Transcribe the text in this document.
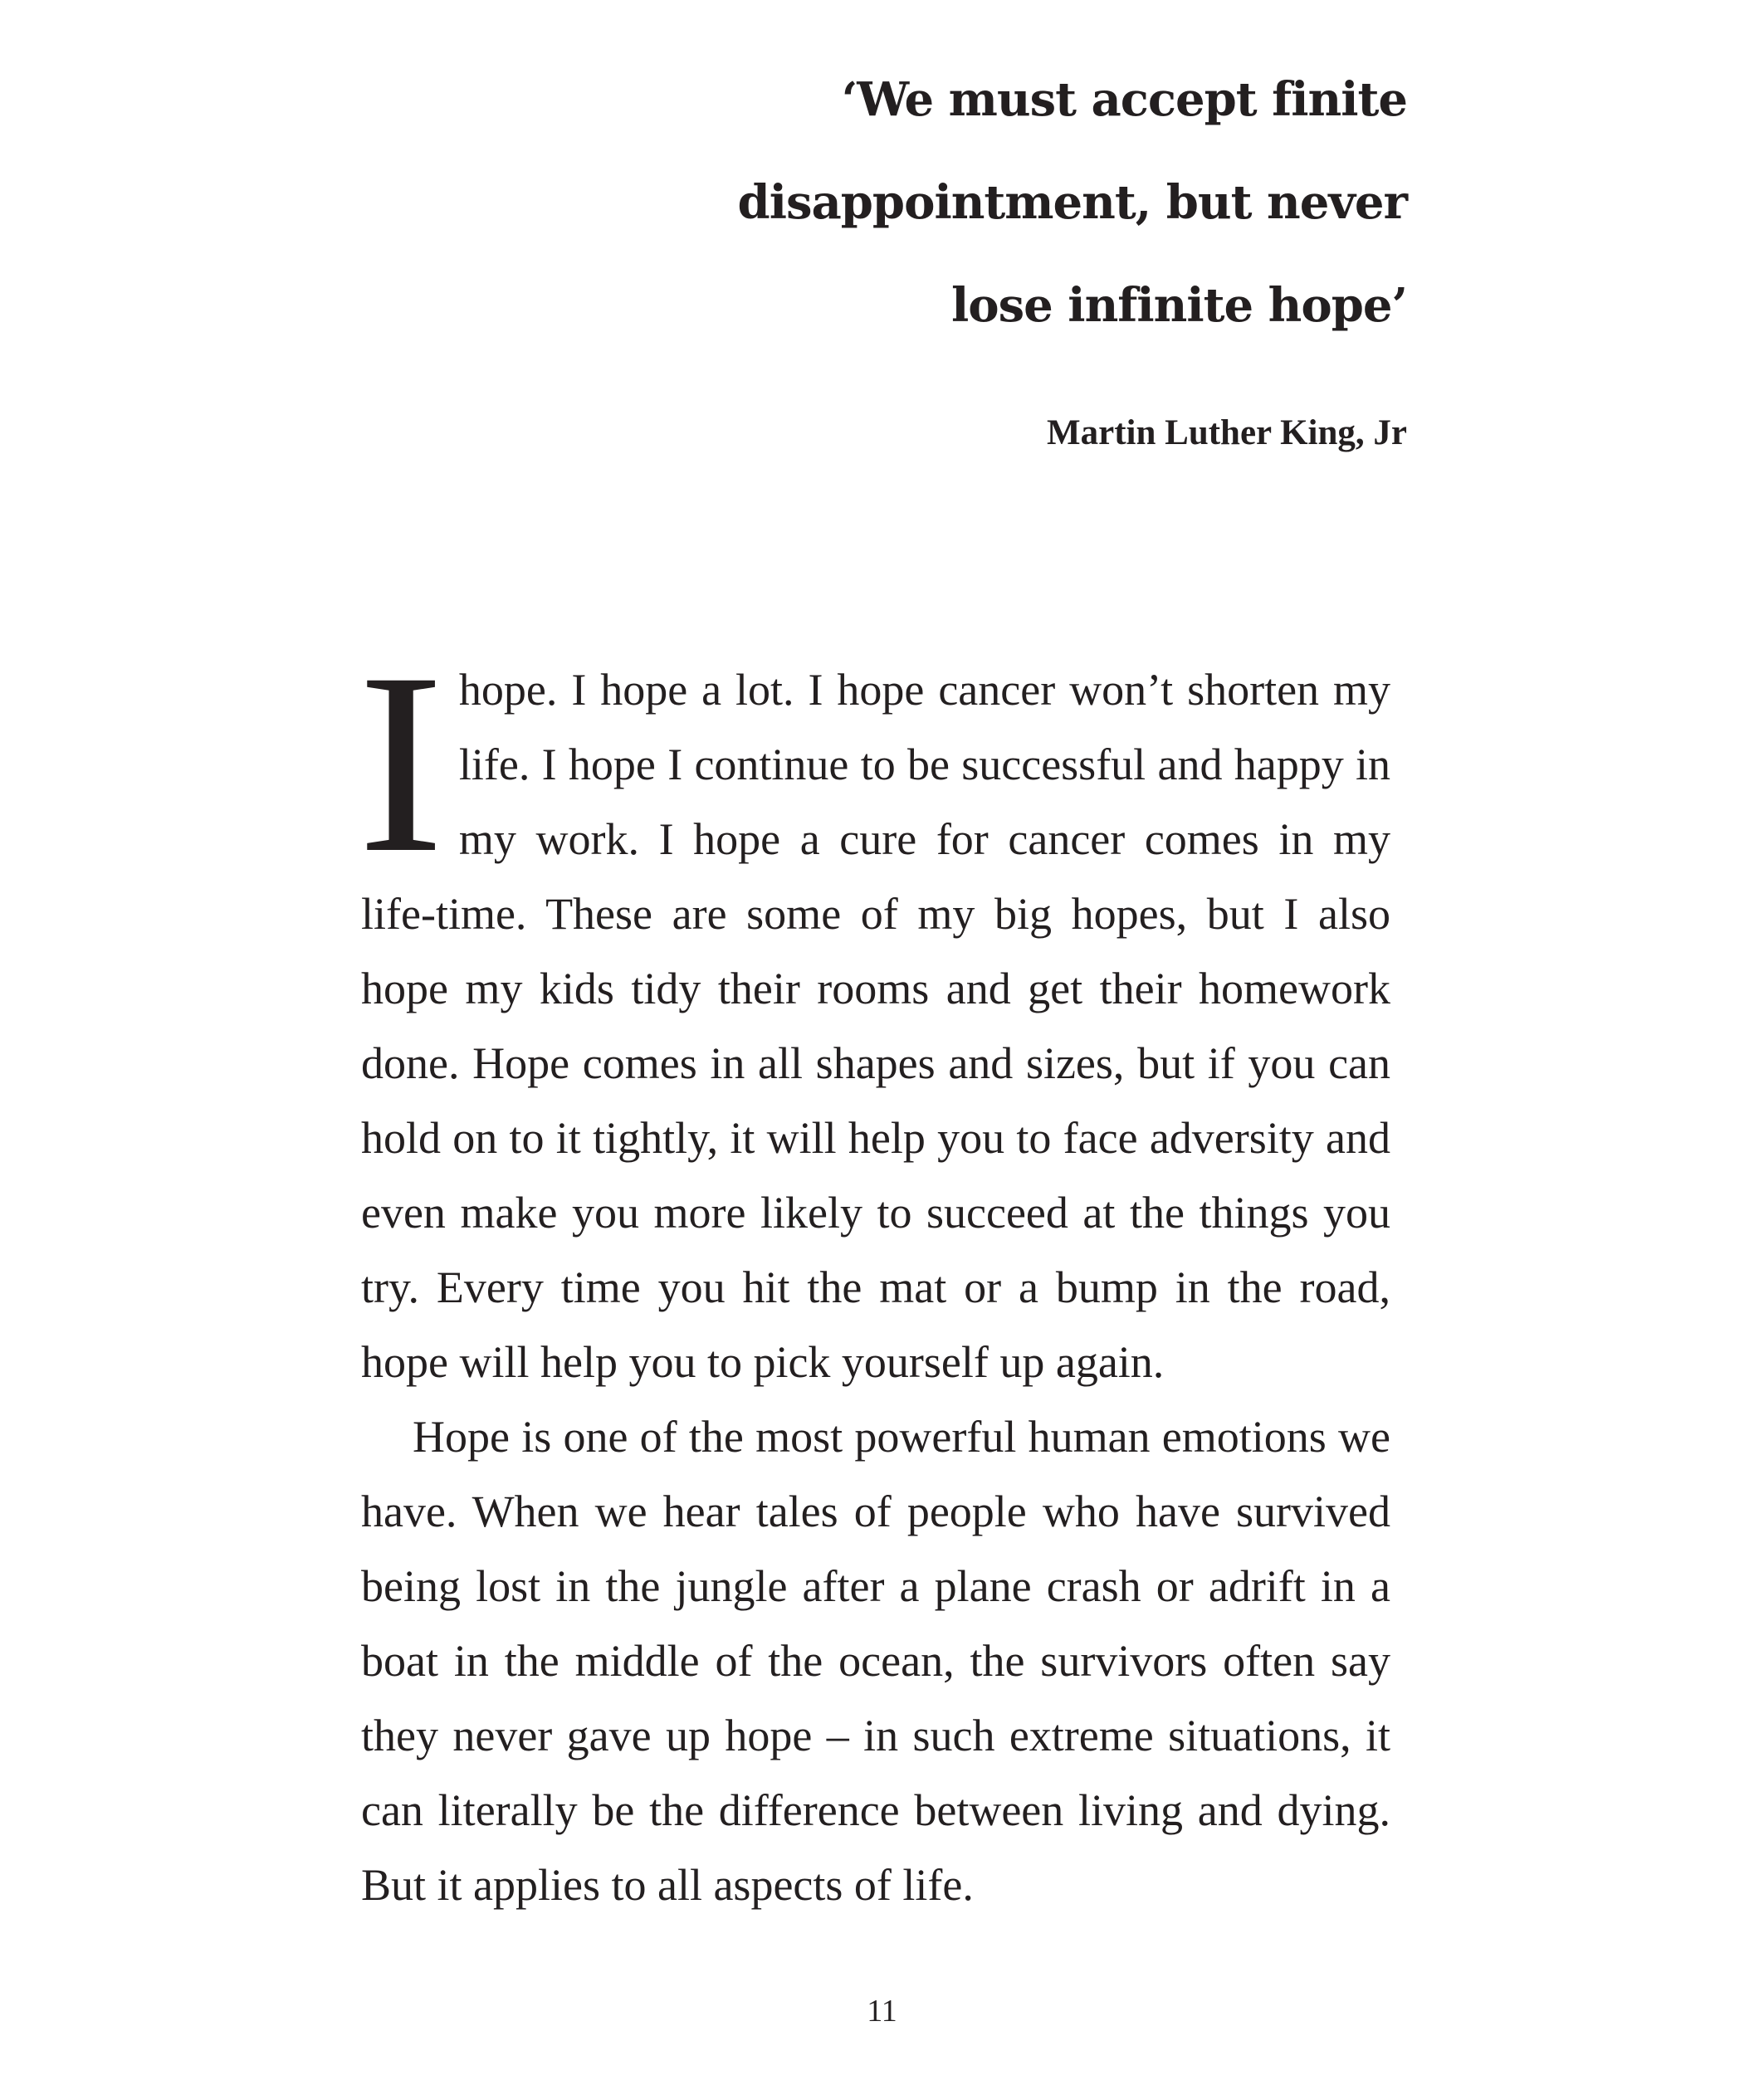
‘We must accept finite
disappointment, but never
lose infinite hope’

Martin Luther King, Jr

Ihope. I hope a lot. I hope cancer won’t shorten my life. I hope I continue to be successful and happy in my work. I hope a cure for cancer comes in my life-time. These are some of my big hopes, but I also hope my kids tidy their rooms and get their homework done. Hope comes in all shapes and sizes, but if you can hold on to it tightly, it will help you to face adversity and even make you more likely to succeed at the things you try. Every time you hit the mat or a bump in the road, hope will help you to pick yourself up again.

Hope is one of the most powerful human emotions we have. When we hear tales of people who have survived being lost in the jungle after a plane crash or adrift in a boat in the middle of the ocean, the survivors often say they never gave up hope – in such extreme situations, it can literally be the difference between living and dying. But it applies to all aspects of life.

11
